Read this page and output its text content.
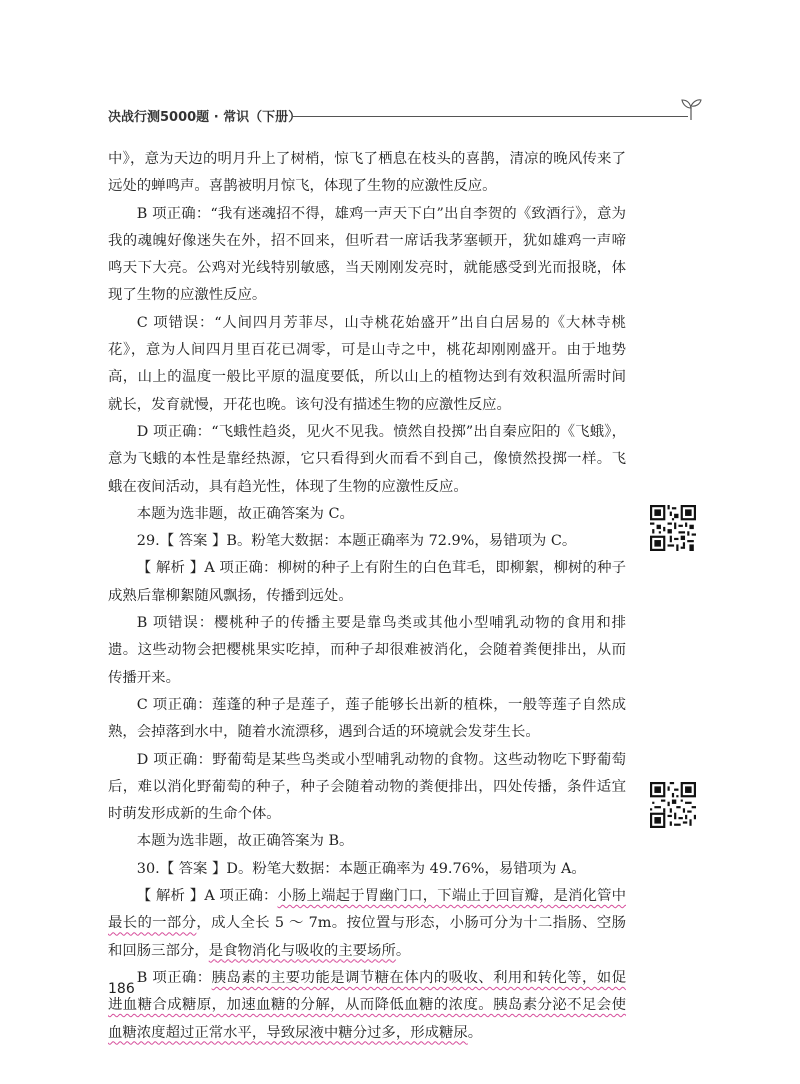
决战行测5000题 · 常识（下册）

中》，意为天边的明月升上了树梢，惊飞了栖息在枝头的喜鹊，清凉的晚风传来了远处的蝉鸣声。喜鹊被明月惊飞，体现了生物的应激性反应。

B 项正确：“我有迷魂招不得，雄鸡一声天下白”出自李贺的《致酒行》，意为我的魂魄好像迷失在外，招不回来，但听君一席话我茅塞顿开，犹如雄鸡一声啼鸣天下大亮。公鸡对光线特别敏感，当天刚刚发亮时，就能感受到光而报晓，体现了生物的应激性反应。

C 项错误：“人间四月芳菲尽，山寺桃花始盛开”出自白居易的《大林寺桃花》，意为人间四月里百花已凋零，可是山寺之中，桃花却刚刚盛开。由于地势高，山上的温度一般比平原的温度要低，所以山上的植物达到有效积温所需时间就长，发育就慢，开花也晚。该句没有描述生物的应激性反应。

D 项正确：“飞蛾性趋炎，见火不见我。愤然自投掷”出自秦应阳的《飞蛾》，意为飞蛾的本性是靠经热源，它只看得到火而看不到自己，像愤然投掷一样。飞蛾在夜间活动，具有趋光性，体现了生物的应激性反应。

本题为选非题，故正确答案为 C。

29.【 答案 】B。粉笔大数据：本题正确率为 72.9%，易错项为 C。

【 解析 】A 项正确：柳树的种子上有附生的白色茸毛，即柳絮，柳树的种子成熟后靠柳絮随风飘扬，传播到远处。

B 项错误：樱桃种子的传播主要是靠鸟类或其他小型哺乳动物的食用和排遗。这些动物会把樱桃果实吃掉，而种子却很难被消化，会随着粪便排出，从而传播开来。

C 项正确：莲蓬的种子是莲子，莲子能够长出新的植株，一般等莲子自然成熟，会掉落到水中，随着水流漂移，遇到合适的环境就会发芽生长。

D 项正确：野葡萄是某些鸟类或小型哺乳动物的食物。这些动物吃下野葡萄后，难以消化野葡萄的种子，种子会随着动物的粪便排出，四处传播，条件适宜时萌发形成新的生命个体。

本题为选非题，故正确答案为 B。

30.【 答案 】D。粉笔大数据：本题正确率为 49.76%，易错项为 A。

【 解析 】A 项正确：小肠上端起于胃幽门口，下端止于回盲瓣，是消化管中最长的一部分，成人全长 5 ～ 7m。按位置与形态，小肠可分为十二指肠、空肠和回肠三部分，是食物消化与吸收的主要场所。

B 项正确：胰岛素的主要功能是调节糖在体内的吸收、利用和转化等，如促进血糖合成糖原，加速血糖的分解，从而降低血糖的浓度。胰岛素分泌不足会使血糖浓度超过正常水平，导致尿液中糖分过多，形成糖尿。

186
